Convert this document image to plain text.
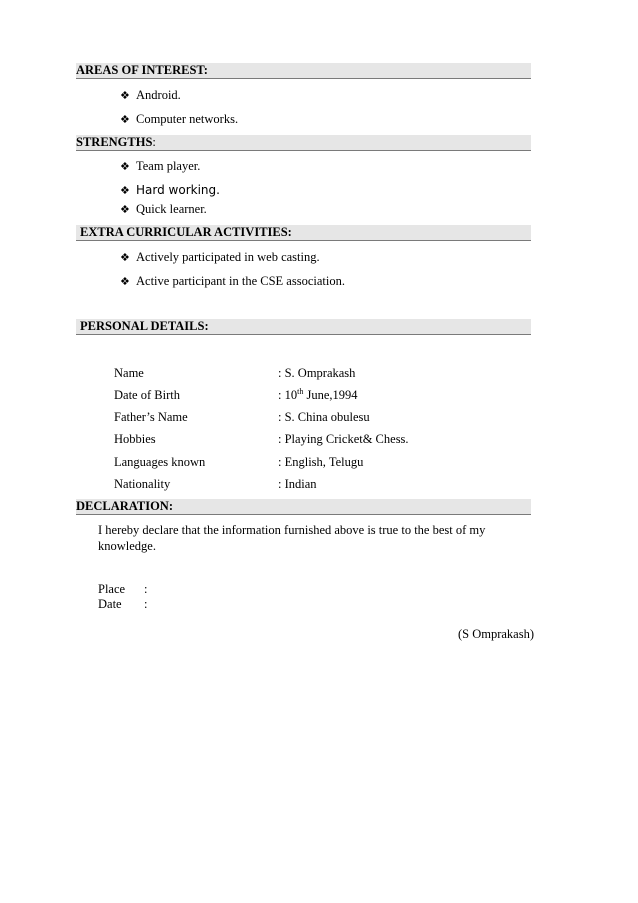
AREAS OF INTEREST:
❖ Android.
❖ Computer networks.
STRENGTHS:
❖ Team player.
❖ Hard working.
❖ Quick learner.
EXTRA CURRICULAR ACTIVITIES:
❖ Actively participated in web casting.
❖ Active participant in the CSE association.
PERSONAL DETAILS:
Name	: S. Omprakash
Date of Birth	: 10th June,1994
Father’s Name	: S. China obulesu
Hobbies	: Playing Cricket& Chess.
Languages known	: English, Telugu
Nationality	: Indian
DECLARATION:
I hereby declare that the information furnished above is true to the best of my
knowledge.
Place :
Date :
(S Omprakash)
